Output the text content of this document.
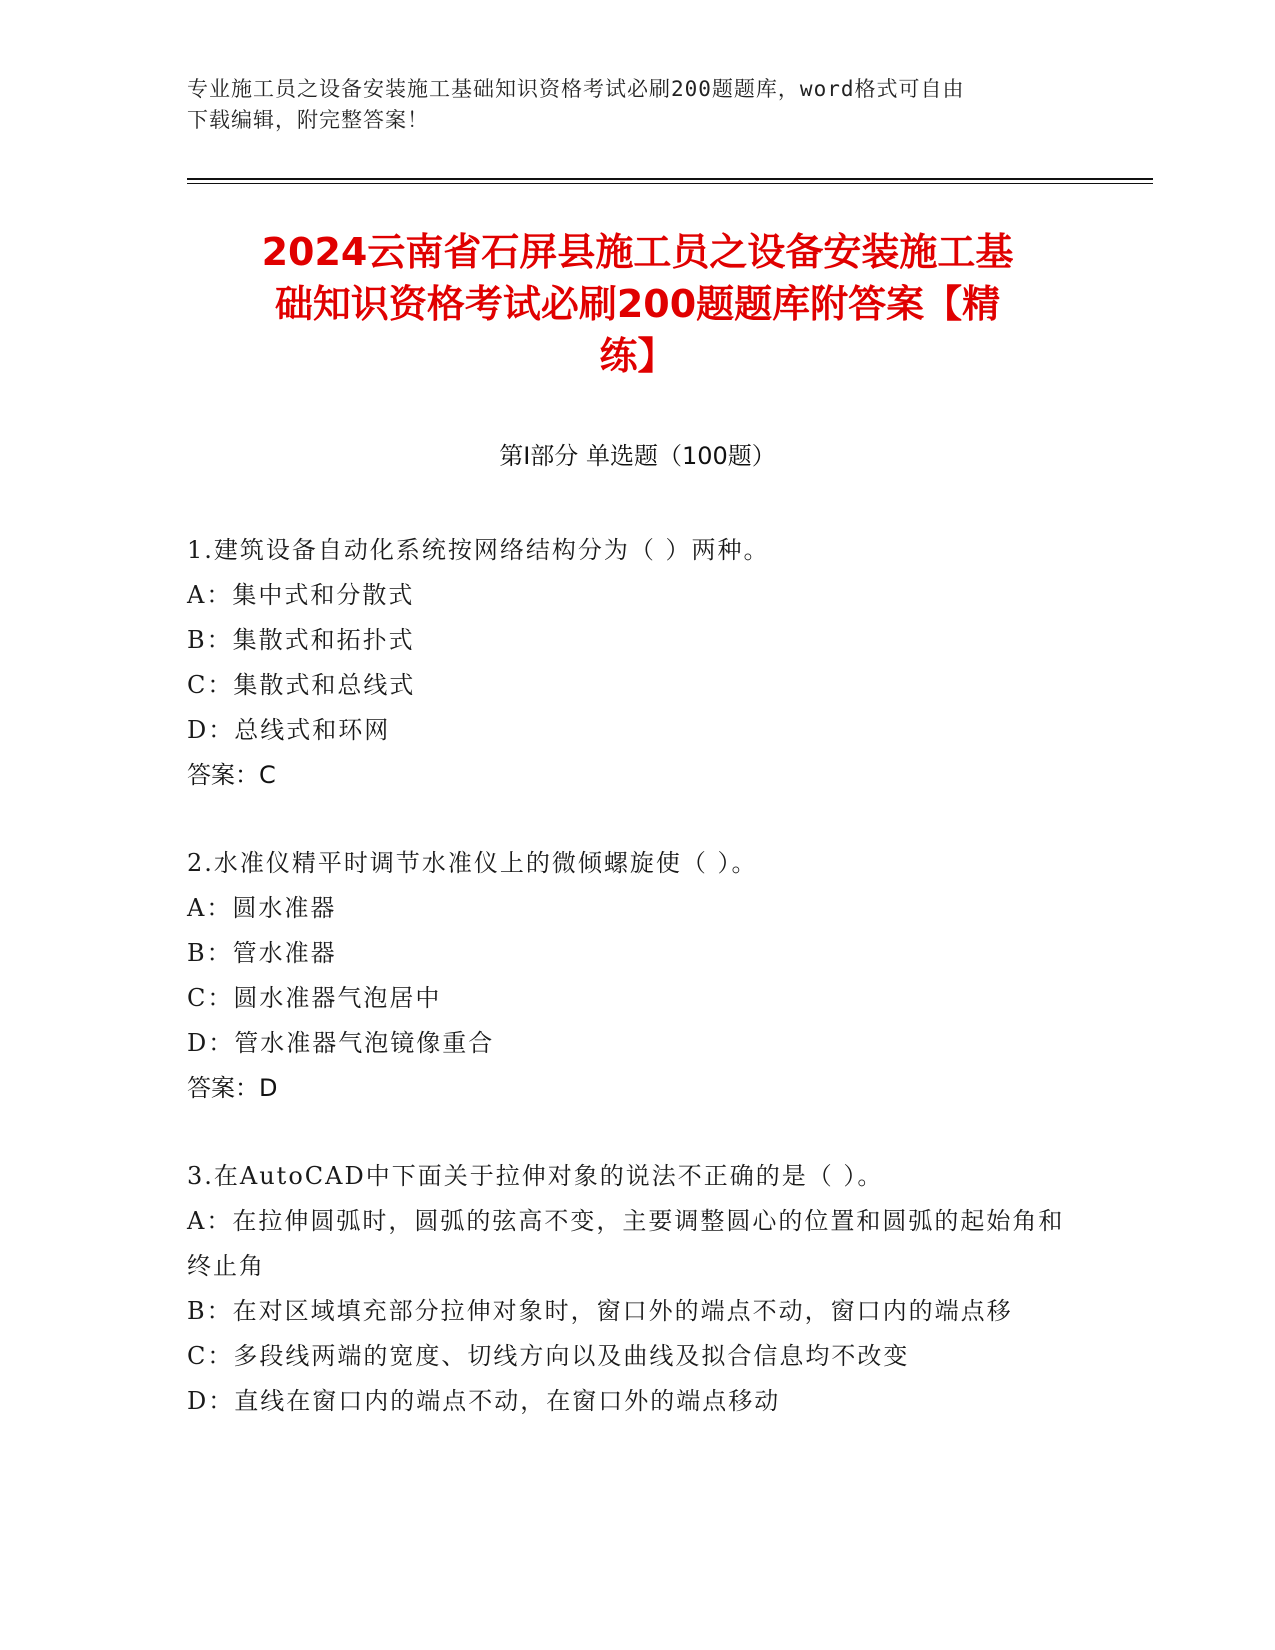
专业施工员之设备安装施工基础知识资格考试必刷200题题库，word格式可自由
下载编辑，附完整答案！
2024云南省石屏县施工员之设备安装施工基
础知识资格考试必刷200题题库附答案【精
练】
第Ⅰ部分 单选题（100题）
1.建筑设备自动化系统按网络结构分为（ ）两种。
A：集中式和分散式
B：集散式和拓扑式
C：集散式和总线式
D：总线式和环网
答案：C
2.水准仪精平时调节水准仪上的微倾螺旋使（ ）。
A：圆水准器
B：管水准器
C：圆水准器气泡居中
D：管水准器气泡镜像重合
答案：D
3.在AutoCAD中下面关于拉伸对象的说法不正确的是（ ）。
A：在拉伸圆弧时，圆弧的弦高不变，主要调整圆心的位置和圆弧的起始角和终止角
B：在对区域填充部分拉伸对象时，窗口外的端点不动，窗口内的端点移
C：多段线两端的宽度、切线方向以及曲线及拟合信息均不改变
D：直线在窗口内的端点不动，在窗口外的端点移动
